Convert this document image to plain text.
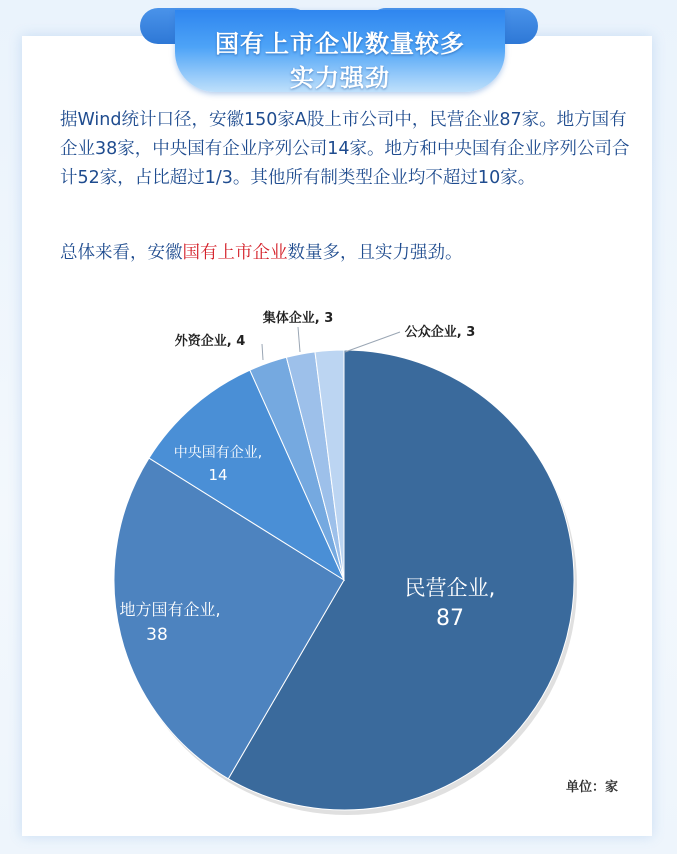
国有上市企业数量较多
实力强劲
据Wind统计口径，安徽150家A股上市公司中，民营企业87家。地方国有企业38家，中央国有企业序列公司14家。地方和中央国有企业序列公司合计52家，占比超过1/3。其他所有制类型企业均不超过10家。
总体来看，安徽国有上市企业数量多，且实力强劲。
民营企业,
87
地方国有企业,
38
中央国有企业,
14
外资企业, 4
集体企业, 3
公众企业, 3
单位：家
